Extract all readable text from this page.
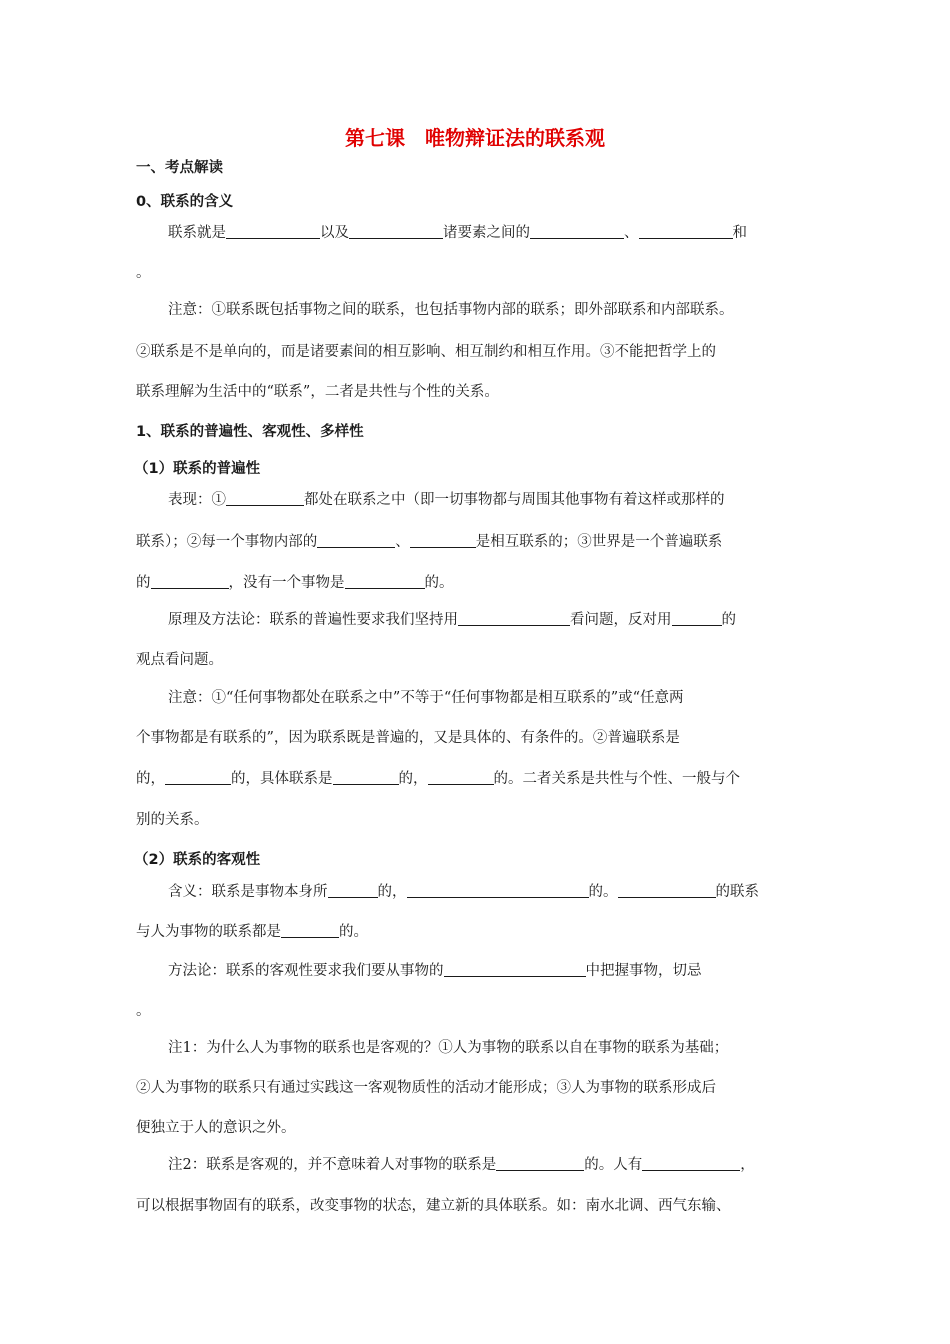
第七课　唯物辩证法的联系观
一、考点解读
0、联系的含义
联系就是	以及	诸要素之间的	、	和
。
注意：①联系既包括事物之间的联系，也包括事物内部的联系；即外部联系和内部联系。
②联系是不是单向的，而是诸要素间的相互影响、相互制约和相互作用。③不能把哲学上的
联系理解为生活中的“联系”，二者是共性与个性的关系。
1、联系的普遍性、客观性、多样性
（1）联系的普遍性
表现：①	都处在联系之中（即一切事物都与周围其他事物有着这样或那样的
联系）；②每一个事物内部的	、	是相互联系的；③世界是一个普遍联系
的	，没有一个事物是	的。
原理及方法论：联系的普遍性要求我们坚持用	看问题，反对用	的
观点看问题。
注意：①“任何事物都处在联系之中”不等于“任何事物都是相互联系的”或“任意两
个事物都是有联系的”，因为联系既是普遍的，又是具体的、有条件的。②普遍联系是
的，	的，具体联系是	的，	的。二者关系是共性与个性、一般与个
别的关系。
（2）联系的客观性
含义：联系是事物本身所	的，	的。	的联系
与人为事物的联系都是	的。
方法论：联系的客观性要求我们要从事物的	中把握事物，切忌
。
注1：为什么人为事物的联系也是客观的？①人为事物的联系以自在事物的联系为基础；
②人为事物的联系只有通过实践这一客观物质性的活动才能形成；③人为事物的联系形成后
便独立于人的意识之外。
注2：联系是客观的，并不意味着人对事物的联系是	的。人有	，
可以根据事物固有的联系，改变事物的状态，建立新的具体联系。如：南水北调、西气东输、
